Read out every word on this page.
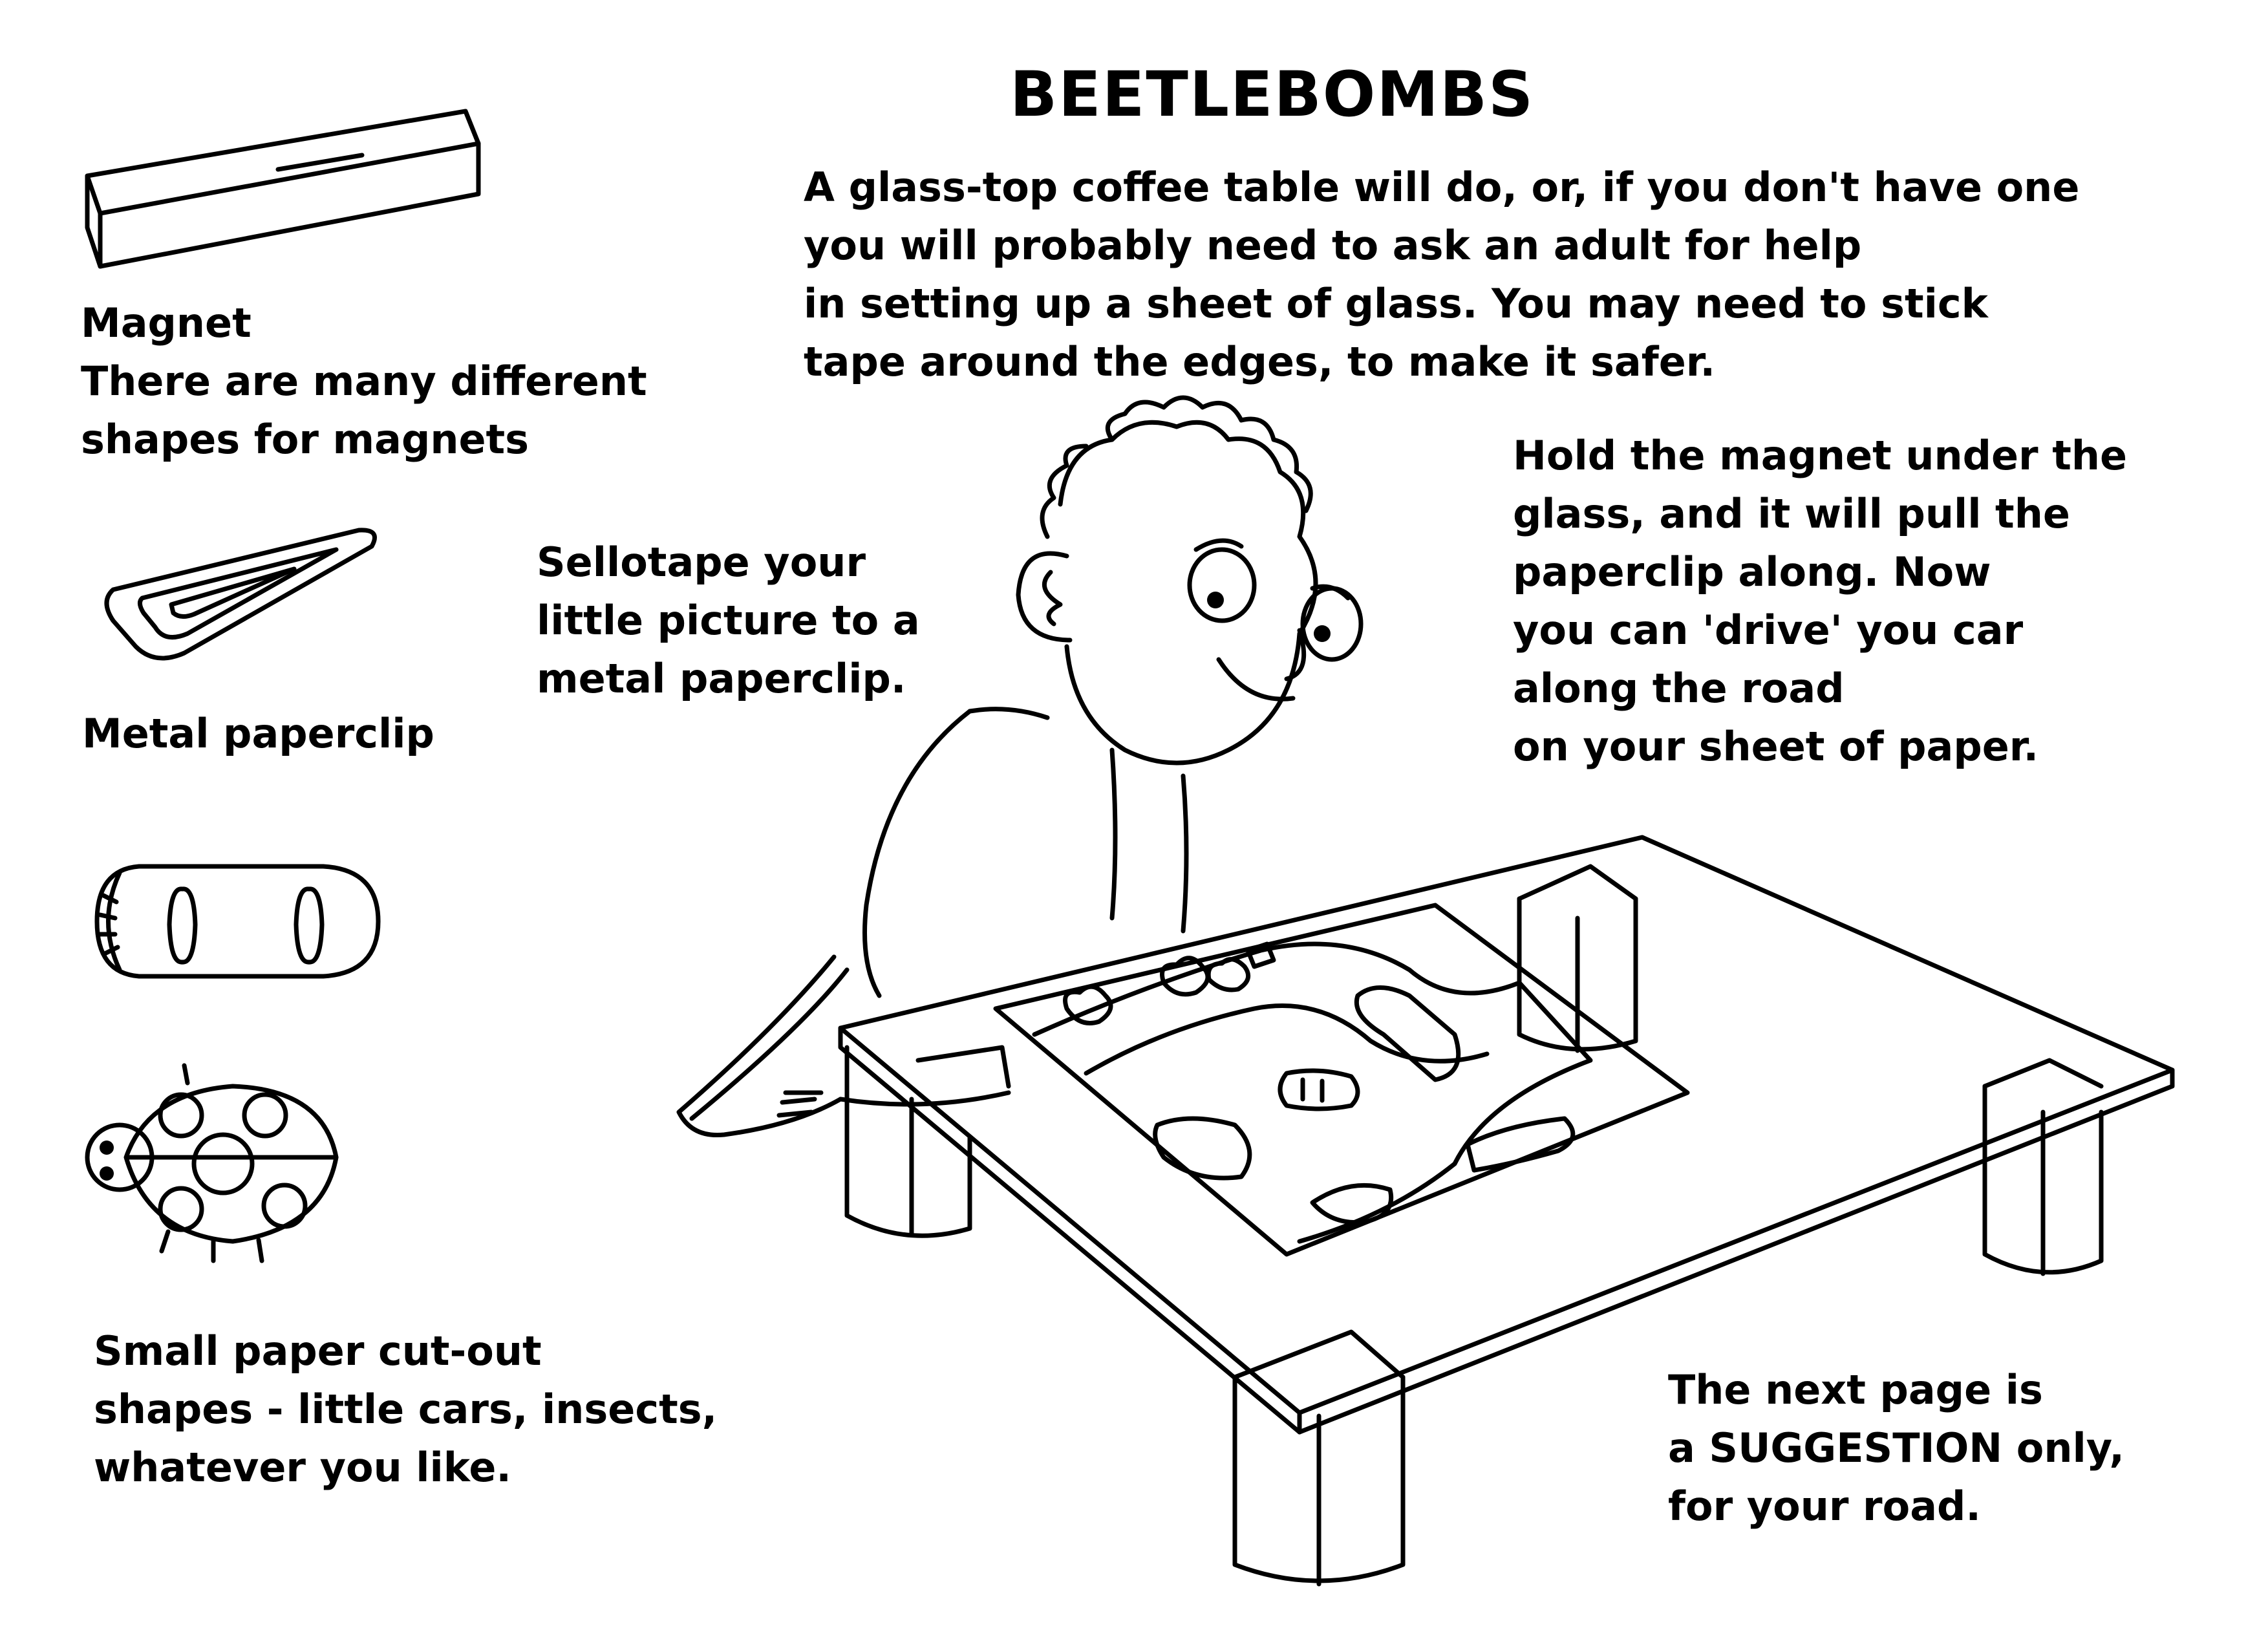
BEETLEBOMBS
A glass-top coffee table will do, or, if you don't have one
you will probably need to ask an adult for help
in setting up a sheet of glass. You may need to stick
tape around the edges, to make it safer.
Magnet
There are many different
shapes for magnets
Sellotape your
little picture to a
metal paperclip.
Hold the magnet under the
glass, and it will pull the
paperclip along. Now
you can 'drive' you car
along the road
on your sheet of paper.
Metal paperclip
Small paper cut-out
shapes - little cars, insects,
whatever you like.
The next page is
a SUGGESTION only,
for your road.
